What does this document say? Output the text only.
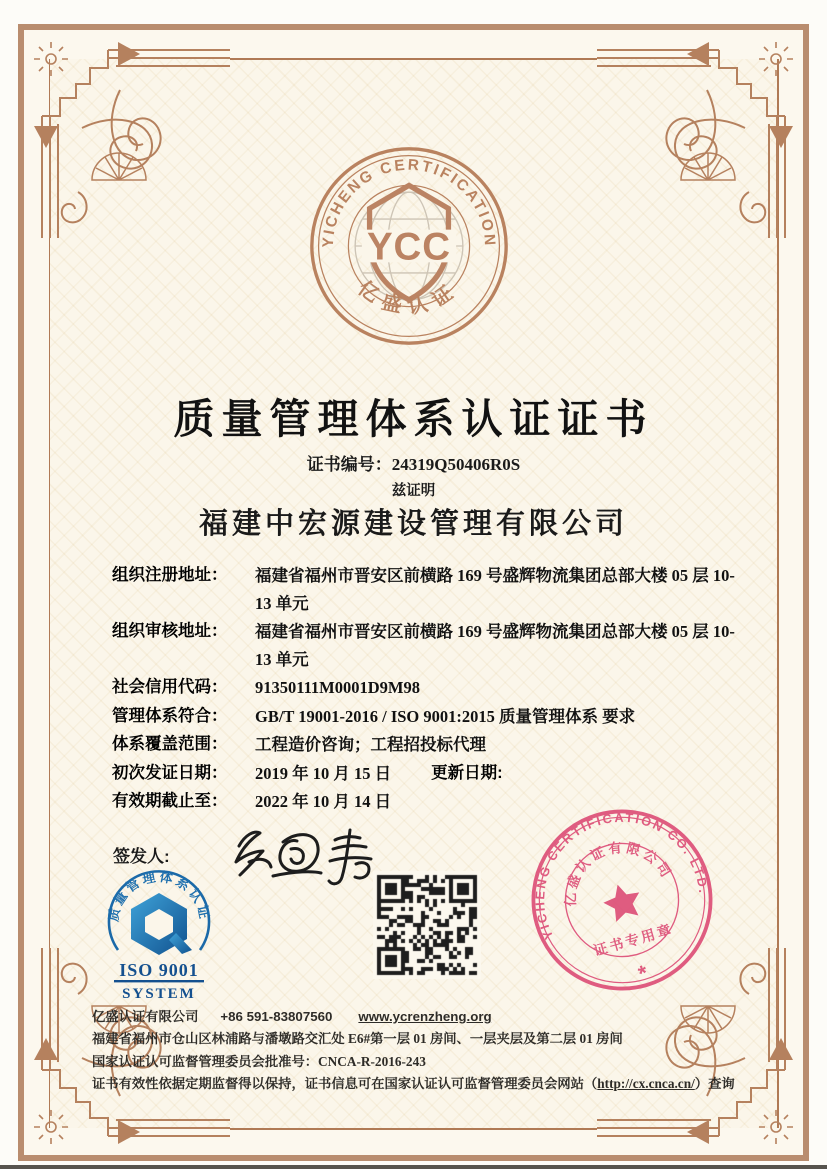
YCC
YICHENG CERTIFICATION
亿盛认证
质量管理体系认证证书
证书编号：24319Q50406R0S
兹证明
福建中宏源建设管理有限公司
组织注册地址：	福建省福州市晋安区前横路 169 号盛辉物流集团总部大楼 05 层 10-13 单元
组织审核地址：	福建省福州市晋安区前横路 169 号盛辉物流集团总部大楼 05 层 10-13 单元
社会信用代码：	91350111M0001D9M98
管理体系符合：	GB/T 19001-2016 / ISO 9001:2015 质量管理体系 要求
体系覆盖范围：	工程造价咨询；工程招投标代理
初次发证日期：	2019 年 10 月 15 日 更新日期:
有效期截止至：	2022 年 10 月 14 日
签发人:
质量管理体系认证
ISO 9001
SYSTEM
YICHENG CERTIFICATION CO. LTD.
亿盛认证有限公司
证书专用章
*
亿盛认证有限公司 +86 591-83807560 www.ycrenzheng.org
福建省福州市仓山区林浦路与潘墩路交汇处 E6#第一层 01 房间、一层夹层及第二层 01 房间
国家认证认可监督管理委员会批准号：CNCA-R-2016-243
证书有效性依据定期监督得以保持，证书信息可在国家认证认可监督管理委员会网站（http://cx.cnca.cn/）查询
